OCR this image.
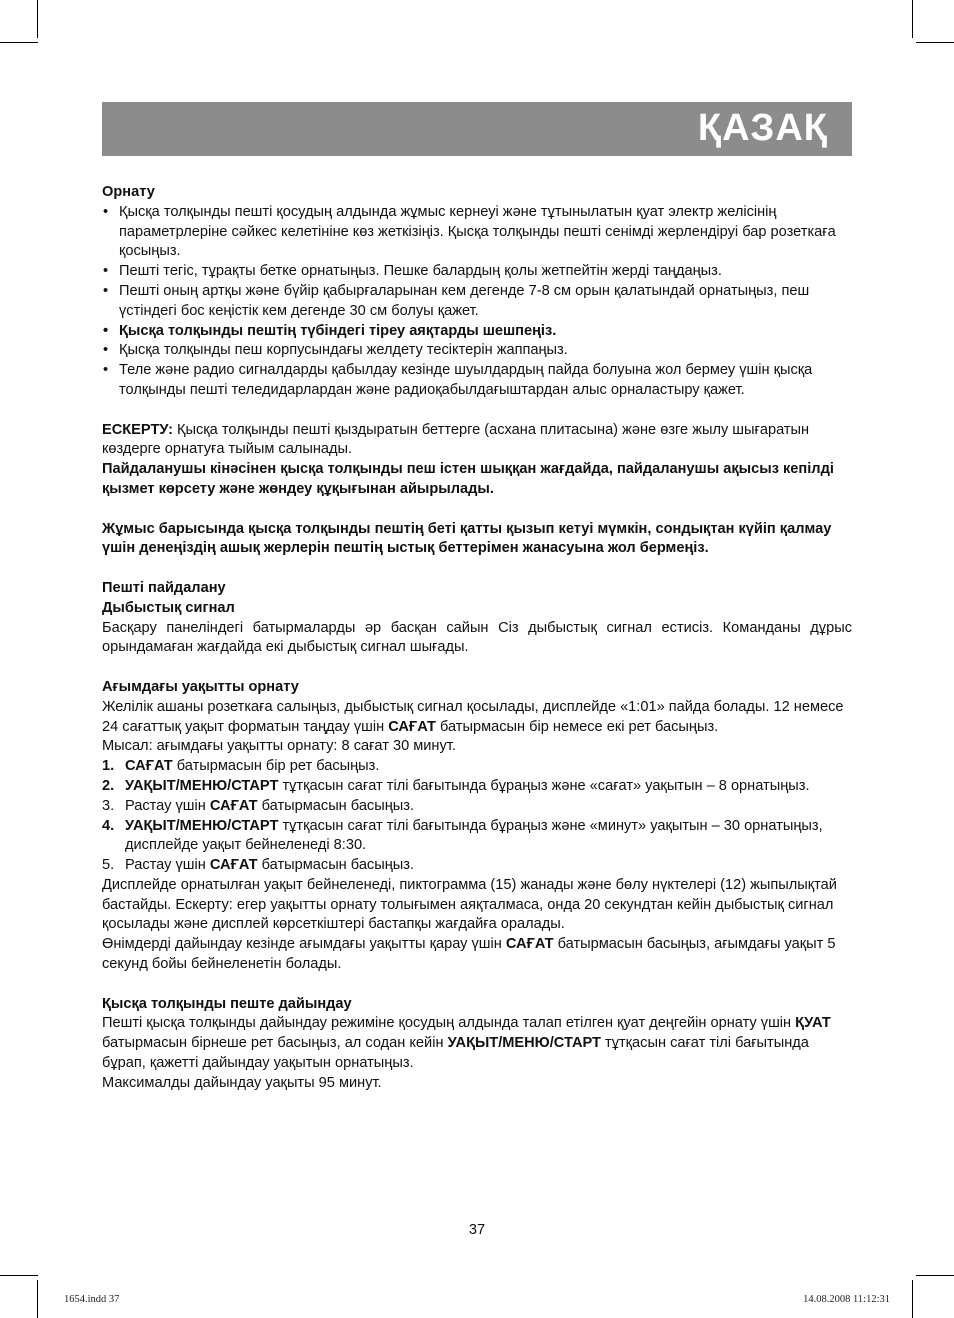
ҚАЗАҚ

Орнату

• Қысқа толқынды пешті қосудың алдында жұмыс кернеуі және тұтынылатын қуат электр желісінің параметрлеріне сәйкес келетініне көз жеткізіңіз. Қысқа толқынды пешті сенімді жерлендіруі бар розеткаға қосыңыз.
• Пешті тегіс, тұрақты бетке орнатыңыз. Пешке балардың қолы жетпейтін жерді таңдаңыз.
• Пешті оның артқы және бүйір қабырғаларынан кем дегенде 7-8 см орын қалатындай орнатыңыз, пеш үстіндегі бос кеңістік кем дегенде 30 см болуы қажет.
• Қысқа толқынды пештің түбіндегі тіреу аяқтарды шешпеңіз.
• Қысқа толқынды пеш корпусындағы желдету тесіктерін жаппаңыз.
• Теле және радио сигналдарды қабылдау кезінде шуылдардың пайда болуына жол бермеу үшін қысқа толқынды пешті теледидарлардан және радиоқабылдағыштардан алыс орналастыру қажет.

ЕСКЕРТУ: Қысқа толқынды пешті қыздыратын беттерге (асхана плитасына) және өзге жылу шығаратын көздерге орнатуға тыйым салынады.

Пайдаланушы кінәсінен қысқа толқынды пеш істен шыққан жағдайда, пайдаланушы ақысыз кепілді қызмет көрсету және жөндеу құқығынан айырылады.

Жұмыс барысында қысқа толқынды пештің беті қатты қызып кетуі мүмкін, сондықтан күйіп қалмау үшін денеңіздің ашық жерлерін пештің ыстық беттерімен жанасуына жол бермеңіз.

Пешті пайдалану

Дыбыстық сигнал

Басқару панеліндегі батырмаларды әр басқан сайын Сіз дыбыстық сигнал естисіз. Команданы дұрыс орындамаған жағдайда екі дыбыстық сигнал шығады.

Ағымдағы уақытты орнату

Желілік ашаны розеткаға салыңыз, дыбыстық сигнал қосылады, дисплейде «1:01» пайда болады. 12 немесе 24 сағаттық уақыт форматын таңдау үшін САҒАТ батырмасын бір немесе екі рет басыңыз.

Мысал: ағымдағы уақытты орнату: 8 сағат 30 минут.

1. САҒАТ батырмасын бір рет басыңыз.
2. УАҚЫТ/МЕНЮ/СТАРТ тұтқасын сағат тілі бағытында бұраңыз және «сағат» уақытын – 8 орнатыңыз.
3. Растау үшін САҒАТ батырмасын басыңыз.
4. УАҚЫТ/МЕНЮ/СТАРТ тұтқасын сағат тілі бағытында бұраңыз және «минут» уақытын – 30 орнатыңыз, дисплейде уақыт бейнеленеді 8:30.
5. Растау үшін САҒАТ батырмасын басыңыз.

Дисплейде орнатылған уақыт бейнеленеді, пиктограмма (15) жанады және бөлу нүктелері (12) жыпылықтай бастайды. Ескерту: егер уақытты орнату толығымен аяқталмаса, онда 20 секундтан кейін дыбыстық сигнал қосылады және дисплей көрсеткіштері бастапқы жағдайға оралады.

Өнімдерді дайындау кезінде ағымдағы уақытты қарау үшін САҒАТ батырмасын басыңыз, ағымдағы уақыт 5 секунд бойы бейнеленетін болады.

Қысқа толқынды пеште дайындау

Пешті қысқа толқынды дайындау режиміне қосудың алдында талап етілген қуат деңгейін орнату үшін ҚУАТ батырмасын бірнеше рет басыңыз, ал содан кейін УАҚЫТ/МЕНЮ/СТАРТ тұтқасын сағат тілі бағытында бұрап, қажетті дайындау уақытын орнатыңыз.

Максималды дайындау уақыты 95 минут.

37
1654.indd 37	14.08.2008 11:12:31
